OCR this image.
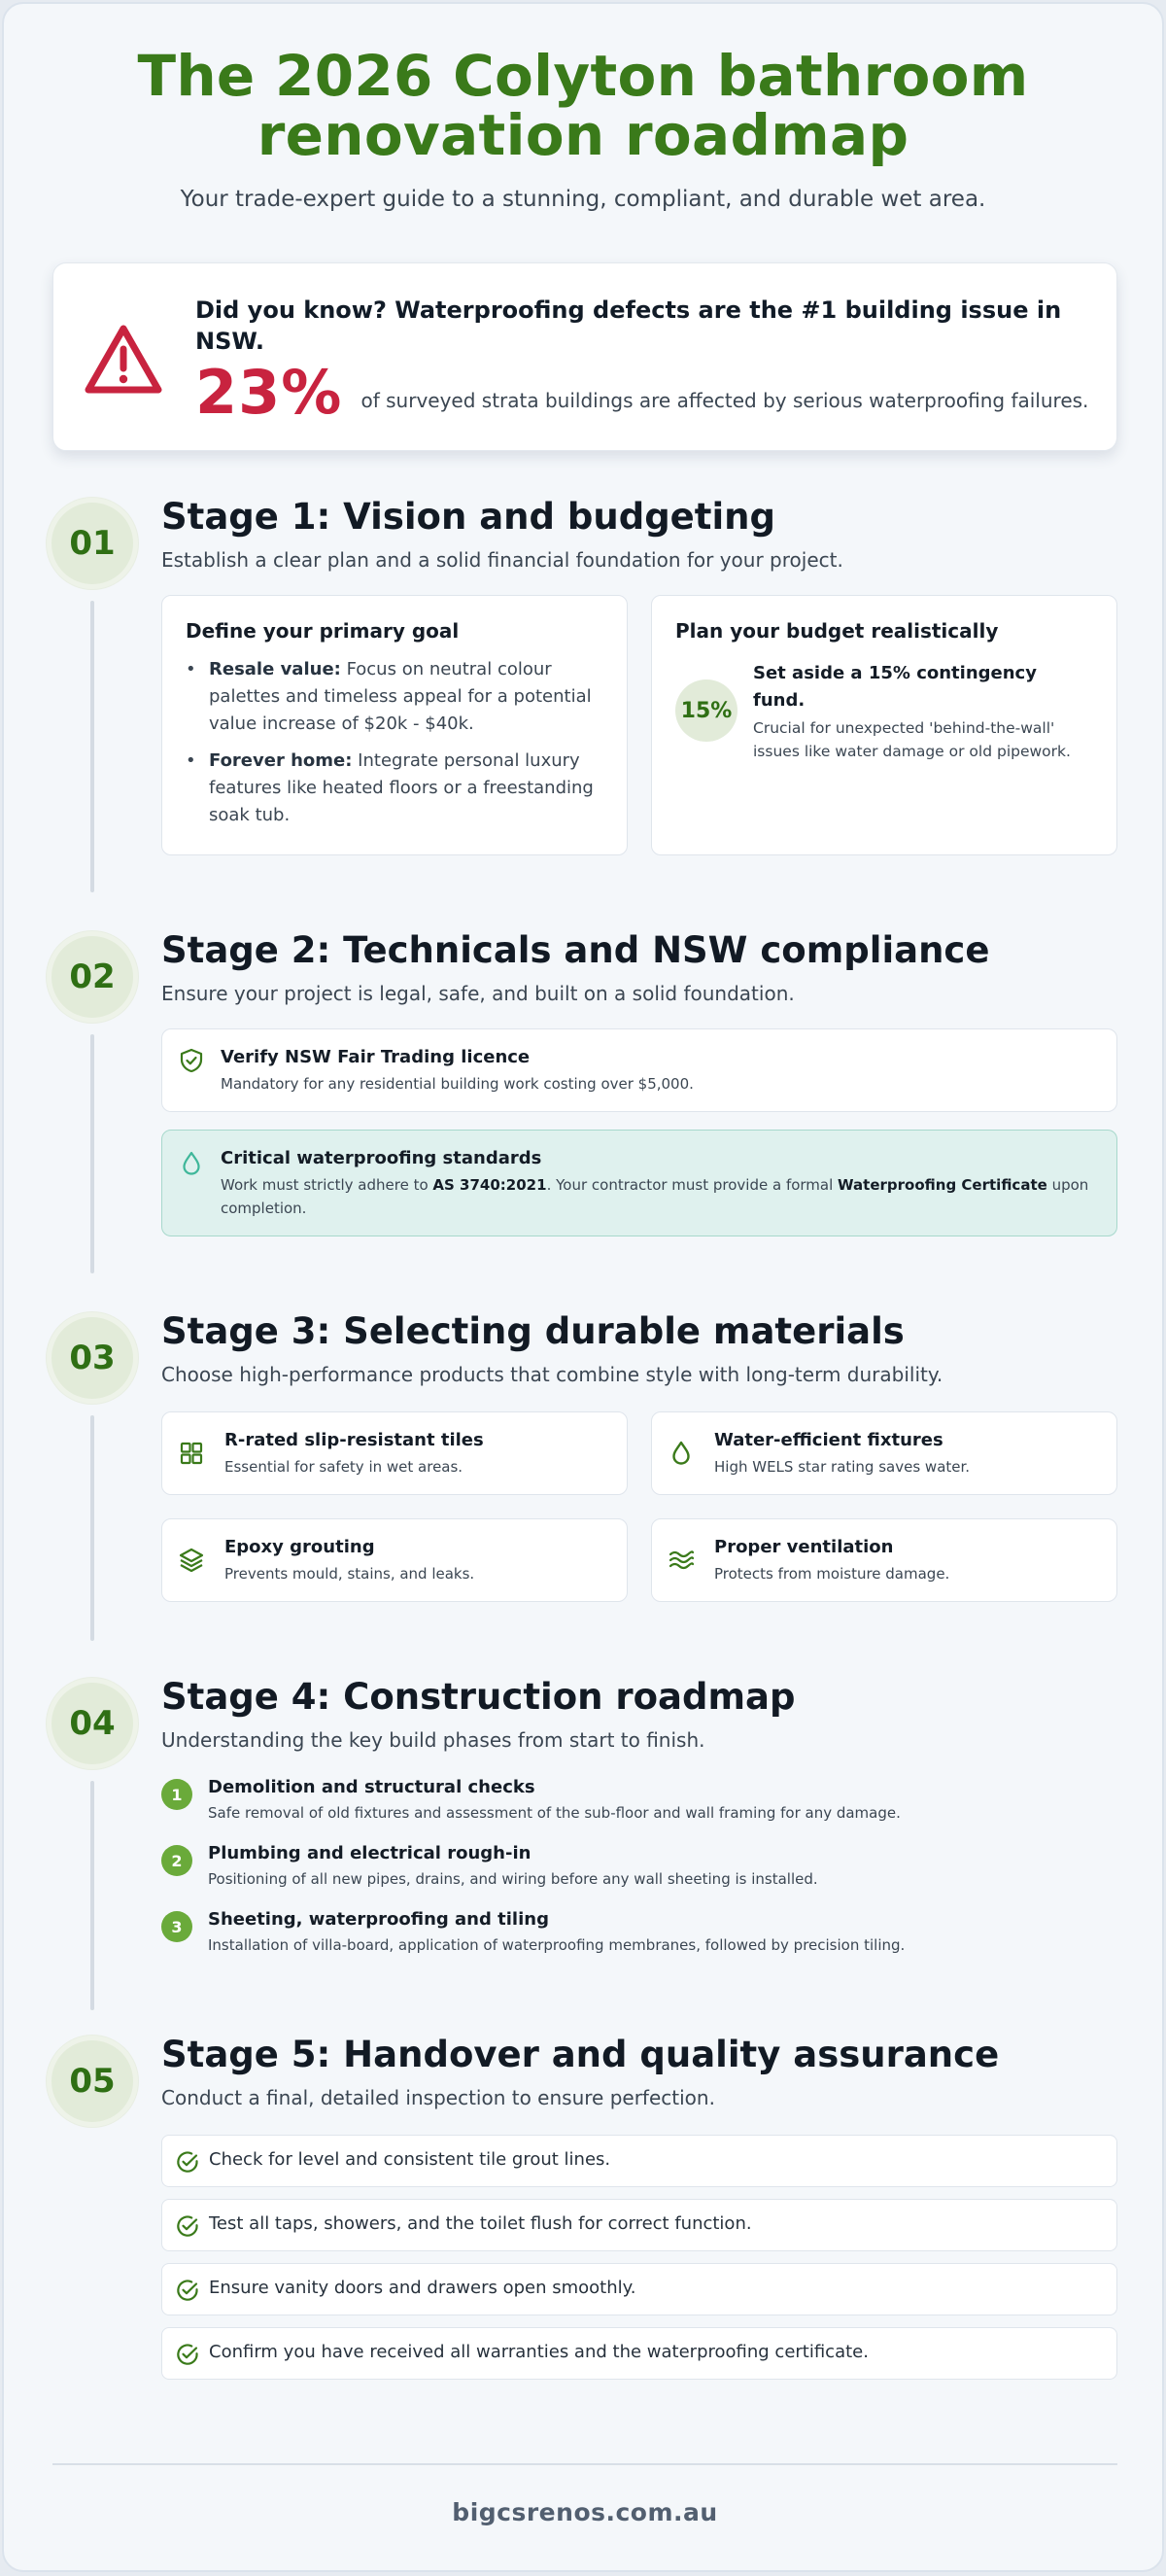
The 2026 Colyton bathroom
renovation roadmap
Your trade-expert guide to a stunning, compliant, and durable wet area.
Did you know? Waterproofing defects are the #1 building issue in NSW.
23% of surveyed strata buildings are affected by serious waterproofing failures.
01
Stage 1: Vision and budgeting
Establish a clear plan and a solid financial foundation for your project.
Define your primary goal
• Resale value: Focus on neutral colour palettes and timeless appeal for a potential value increase of $20k - $40k.
• Forever home: Integrate personal luxury features like heated floors or a freestanding soak tub.
Plan your budget realistically
15%
Set aside a 15% contingency fund.
Crucial for unexpected 'behind-the-wall' issues like water damage or old pipework.
02
Stage 2: Technicals and NSW compliance
Ensure your project is legal, safe, and built on a solid foundation.
Verify NSW Fair Trading licence
Mandatory for any residential building work costing over $5,000.
Critical waterproofing standards
Work must strictly adhere to AS 3740:2021. Your contractor must provide a formal Waterproofing Certificate upon completion.
03
Stage 3: Selecting durable materials
Choose high-performance products that combine style with long-term durability.
R-rated slip-resistant tiles
Essential for safety in wet areas.
Water-efficient fixtures
High WELS star rating saves water.
Epoxy grouting
Prevents mould, stains, and leaks.
Proper ventilation
Protects from moisture damage.
04
Stage 4: Construction roadmap
Understanding the key build phases from start to finish.
1	Demolition and structural checks
Safe removal of old fixtures and assessment of the sub-floor and wall framing for any damage.
2	Plumbing and electrical rough-in
Positioning of all new pipes, drains, and wiring before any wall sheeting is installed.
3	Sheeting, waterproofing and tiling
Installation of villa-board, application of waterproofing membranes, followed by precision tiling.
05
Stage 5: Handover and quality assurance
Conduct a final, detailed inspection to ensure perfection.
Check for level and consistent tile grout lines.
Test all taps, showers, and the toilet flush for correct function.
Ensure vanity doors and drawers open smoothly.
Confirm you have received all warranties and the waterproofing certificate.
bigcsrenos.com.au
